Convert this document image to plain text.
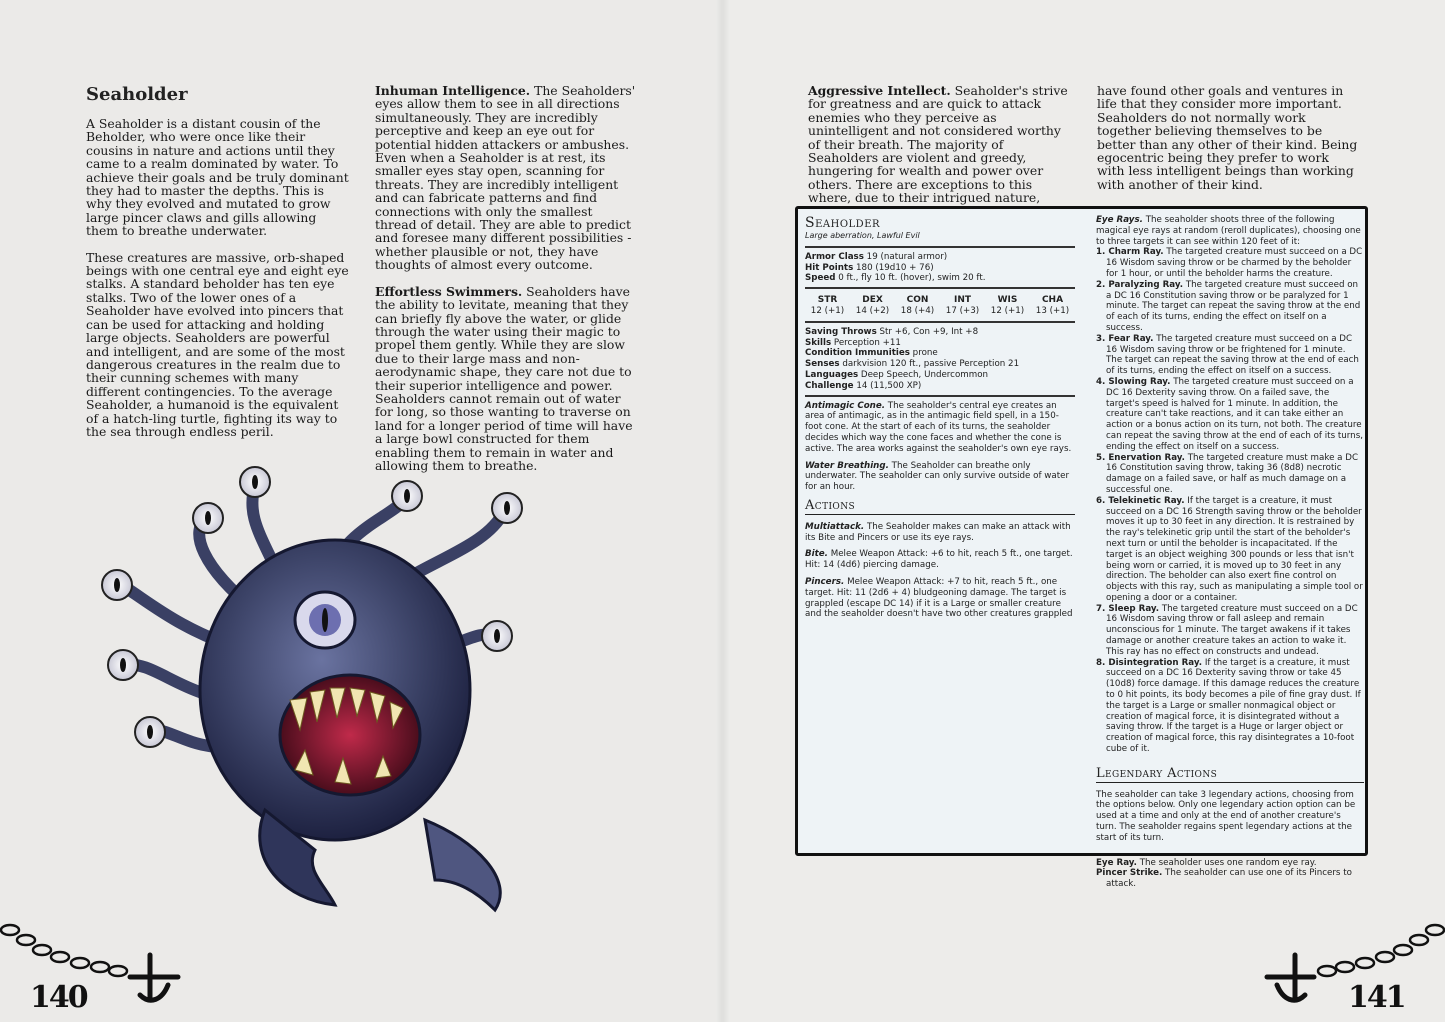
Seaholder

A Seaholder is a distant cousin of the Beholder, who were once like their cousins in nature and actions until they came to a realm dominated by water. To achieve their goals and be truly dominant they had to master the depths. This is why they evolved and mutated to grow large pincer claws and gills allowing them to breathe underwater.

These creatures are massive, orb-shaped beings with one central eye and eight eye stalks. A standard beholder has ten eye stalks. Two of the lower ones of a Seaholder have evolved into pincers that can be used for attacking and holding large objects. Seaholders are powerful and intelligent, and are some of the most dangerous creatures in the realm due to their cunning schemes with many different contingencies. To the average Seaholder, a humanoid is the equivalent of a hatch-ling turtle, fighting its way to the sea through endless peril.

Inhuman Intelligence. The Seaholders' eyes allow them to see in all directions simultaneously. They are incredibly perceptive and keep an eye out for potential hidden attackers or ambushes. Even when a Seaholder is at rest, its smaller eyes stay open, scanning for threats. They are incredibly intelligent and can fabricate patterns and find connections with only the smallest thread of detail. They are able to predict and foresee many different possibilities - whether plausible or not, they have thoughts of almost every outcome.

Effortless Swimmers. Seaholders have the ability to levitate, meaning that they can briefly fly above the water, or glide through the water using their magic to propel them gently. While they are slow due to their large mass and non-aerodynamic shape, they care not due to their superior intelligence and power. Seaholders cannot remain out of water for long, so those wanting to traverse on land for a longer period of time will have a large bowl constructed for them enabling them to remain in water and allowing them to breathe.

140

Aggressive Intellect. Seaholder's strive for greatness and are quick to attack enemies who they perceive as unintelligent and not considered worthy of their breath. The majority of Seaholders are violent and greedy, hungering for wealth and power over others. There are exceptions to this where, due to their intrigued nature,

have found other goals and ventures in life that they consider more important. Seaholders do not normally work together believing themselves to be better than any other of their kind. Being egocentric being they prefer to work with less intelligent beings than working with another of their kind.

Seaholder
Large aberration, Lawful Evil
Armor Class 19 (natural armor)
Hit Points 180 (19d10 + 76)
Speed 0 ft., fly 10 ft. (hover), swim 20 ft.
STR
12 (+1)
DEX
14 (+2)
CON
18 (+4)
INT
17 (+3)
WIS
12 (+1)
CHA
13 (+1)
Saving Throws Str +6, Con +9, Int +8
Skills Perception +11
Condition Immunities prone
Senses darkvision 120 ft., passive Perception 21
Languages Deep Speech, Undercommon
Challenge 14 (11,500 XP)

Antimagic Cone. The seaholder's central eye creates an area of antimagic, as in the antimagic field spell, in a 150-foot cone. At the start of each of its turns, the seaholder decides which way the cone faces and whether the cone is active. The area works against the seaholder's own eye rays.

Water Breathing. The Seaholder can breathe only underwater. The seaholder can only survive outside of water for an hour.

Actions

Multiattack. The Seaholder makes can make an attack with its Bite and Pincers or use its eye rays.

Bite. Melee Weapon Attack: +6 to hit, reach 5 ft., one target. Hit: 14 (4d6) piercing damage.

Pincers. Melee Weapon Attack: +7 to hit, reach 5 ft., one target. Hit: 11 (2d6 + 4) bludgeoning damage. The target is grappled (escape DC 14) if it is a Large or smaller creature and the seaholder doesn't have two other creatures grappled

Eye Rays. The seaholder shoots three of the following magical eye rays at random (reroll duplicates), choosing one to three targets it can see within 120 feet of it:

1. Charm Ray. The targeted creature must succeed on a DC 16 Wisdom saving throw or be charmed by the beholder for 1 hour, or until the beholder harms the creature.

2. Paralyzing Ray. The targeted creature must succeed on a DC 16 Constitution saving throw or be paralyzed for 1 minute. The target can repeat the saving throw at the end of each of its turns, ending the effect on itself on a success.

3. Fear Ray. The targeted creature must succeed on a DC 16 Wisdom saving throw or be frightened for 1 minute. The target can repeat the saving throw at the end of each of its turns, ending the effect on itself on a success.

4. Slowing Ray. The targeted creature must succeed on a DC 16 Dexterity saving throw. On a failed save, the target's speed is halved for 1 minute. In addition, the creature can't take reactions, and it can take either an action or a bonus action on its turn, not both. The creature can repeat the saving throw at the end of each of its turns, ending the effect on itself on a success.

5. Enervation Ray. The targeted creature must make a DC 16 Constitution saving throw, taking 36 (8d8) necrotic damage on a failed save, or half as much damage on a successful one.

6. Telekinetic Ray. If the target is a creature, it must succeed on a DC 16 Strength saving throw or the beholder moves it up to 30 feet in any direction. It is restrained by the ray's telekinetic grip until the start of the beholder's next turn or until the beholder is incapacitated. If the target is an object weighing 300 pounds or less that isn't being worn or carried, it is moved up to 30 feet in any direction. The beholder can also exert fine control on objects with this ray, such as manipulating a simple tool or opening a door or a container.

7. Sleep Ray. The targeted creature must succeed on a DC 16 Wisdom saving throw or fall asleep and remain unconscious for 1 minute. The target awakens if it takes damage or another creature takes an action to wake it. This ray has no effect on constructs and undead.

8. Disintegration Ray. If the target is a creature, it must succeed on a DC 16 Dexterity saving throw or take 45 (10d8) force damage. If this damage reduces the creature to 0 hit points, its body becomes a pile of fine gray dust. If the target is a Large or smaller nonmagical object or creation of magical force, it is disintegrated without a saving throw. If the target is a Huge or larger object or creation of magical force, this ray disintegrates a 10-foot cube of it.

Legendary Actions

The seaholder can take 3 legendary actions, choosing from the options below. Only one legendary action option can be used at a time and only at the end of another creature's turn. The seaholder regains spent legendary actions at the start of its turn.

Eye Ray. The seaholder uses one random eye ray.

Pincer Strike. The seaholder can use one of its Pincers to attack.

141
